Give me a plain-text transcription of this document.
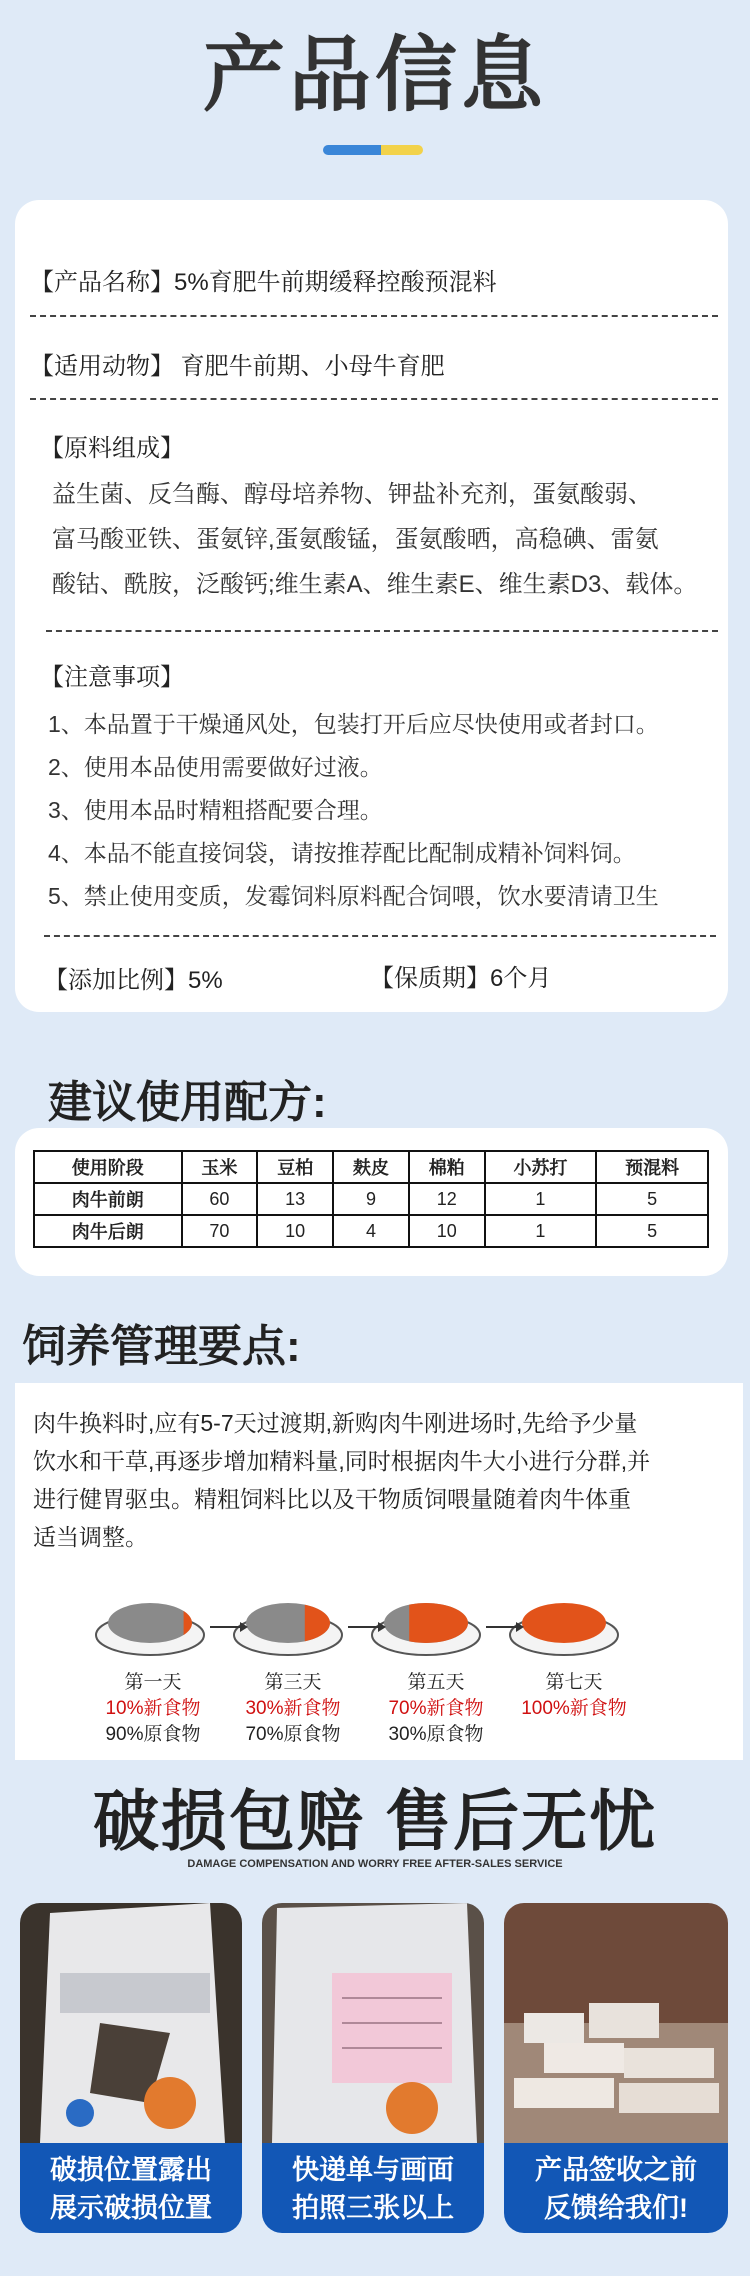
产品信息
【产品名称】5%育肥牛前期缓释控酸预混料
【适用动物】 育肥牛前期、小母牛育肥
【原料组成】
益生菌、反刍酶、醇母培养物、钾盐补充剂，蛋氨酸弱、
富马酸亚铁、蛋氨锌,蛋氨酸锰，蛋氨酸晒，高稳碘、雷氨
酸钴、酰胺，泛酸钙;维生素A、维生素E、维生素D3、载体。
【注意事项】
1、本品置于干燥通风处，包装打开后应尽快使用或者封口。
2、使用本品使用需要做好过液。
3、使用本品时精粗搭配要合理。
4、本品不能直接饲袋，请按推荐配比配制成精补饲料饲。
5、禁止使用变质，发霉饲料原料配合饲喂，饮水要清请卫生
【添加比例】5%	【保质期】6个月
建议使用配方:
使用阶段	玉米	豆柏	麸皮	棉粕	小苏打	预混料
肉牛前朗	60	13	9	12	1	5
肉牛后朗	70	10	4	10	1	5
饲养管理要点:
肉牛换料时,应有5-7天过渡期,新购肉牛刚进场时,先给予少量
饮水和干草,再逐步增加精料量,同时根据肉牛大小进行分群,并
进行健胃驱虫。精粗饲料比以及干物质饲喂量随着肉牛体重
适当调整。
第一天
10%新食物
90%原食物
第三天
30%新食物
70%原食物
第五天
70%新食物
30%原食物
第七天
100%新食物
破损包赔 售后无忧
DAMAGE COMPENSATION AND WORRY FREE AFTER-SALES SERVICE
破损位置露出
展示破损位置
快递单与画面
拍照三张以上
产品签收之前
反馈给我们!
